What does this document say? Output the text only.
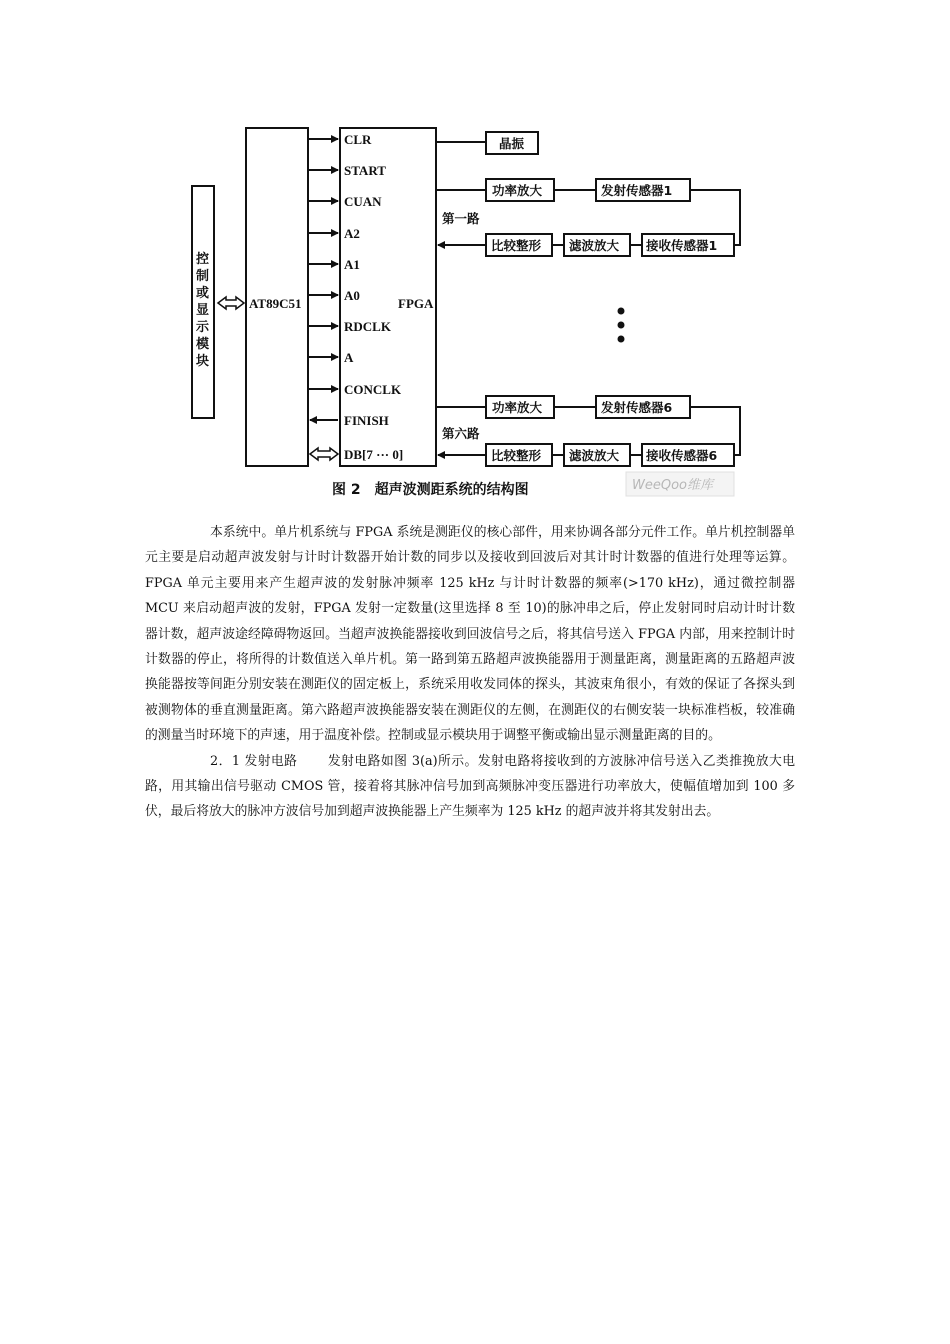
控 制 或 显 示 模 块
AT89C51	FPGA
CLR
START
CUAN
A2
A1
A0
RDCLK
A
CONCLK
FINISH
DB[7 ··· 0]
晶振
第一路
功率放大	发射传感器1
接收传感器1
滤波放大
比较整形
第六路
功率放大	发射传感器6
接收传感器6
滤波放大
比较整形
图 2　超声波测距系统的结构图	WeeQoo维库

本系统中。单片机系统与 FPGA 系统是测距仪的核心部件，用来协调各部分元件工作。单片机控制器单元主要是启动超声波发射与计时计数器开始计数的同步以及接收到回波后对其计时计数器的值进行处理等运算。FPGA 单元主要用来产生超声波的发射脉冲频率 125 kHz 与计时计数器的频率(>170 kHz)，通过微控制器 MCU 来启动超声波的发射，FPGA 发射一定数量(这里选择 8 至 10)的脉冲串之后，停止发射同时启动计时计数器计数，超声波途经障碍物返回。当超声波换能器接收到回波信号之后，将其信号送入 FPGA 内部，用来控制计时计数器的停止，将所得的计数值送入单片机。第一路到第五路超声波换能器用于测量距离，测量距离的五路超声波换能器按等间距分别安装在测距仪的固定板上，系统采用收发同体的探头，其波束角很小，有效的保证了各探头到被测物体的垂直测量距离。第六路超声波换能器安装在测距仪的左侧，在测距仪的右侧安装一块标准档板，较准确的测量当时环境下的声速，用于温度补偿。控制或显示模块用于调整平衡或输出显示测量距离的目的。

2．1 发射电路 发射电路如图 3(a)所示。发射电路将接收到的方波脉冲信号送入乙类推挽放大电路，用其输出信号驱动 CMOS 管，接着将其脉冲信号加到高频脉冲变压器进行功率放大，使幅值增加到 100 多伏，最后将放大的脉冲方波信号加到超声波换能器上产生频率为 125 kHz 的超声波并将其发射出去。
